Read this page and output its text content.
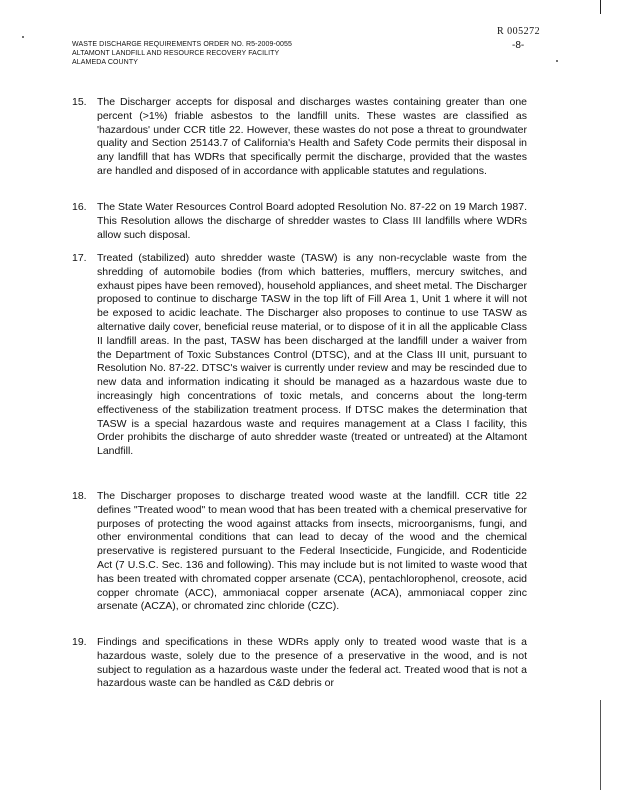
R 005272
-8-
WASTE DISCHARGE REQUIREMENTS ORDER NO. R5-2009-0055
ALTAMONT LANDFILL AND RESOURCE RECOVERY FACILITY
ALAMEDA COUNTY
15. The Discharger accepts for disposal and discharges wastes containing greater than one percent (>1%) friable asbestos to the landfill units. These wastes are classified as 'hazardous' under CCR title 22. However, these wastes do not pose a threat to groundwater quality and Section 25143.7 of California's Health and Safety Code permits their disposal in any landfill that has WDRs that specifically permit the discharge, provided that the wastes are handled and disposed of in accordance with applicable statutes and regulations.

16. The State Water Resources Control Board adopted Resolution No. 87-22 on 19 March 1987. This Resolution allows the discharge of shredder wastes to Class III landfills where WDRs allow such disposal.

17. Treated (stabilized) auto shredder waste (TASW) is any non-recyclable waste from the shredding of automobile bodies (from which batteries, mufflers, mercury switches, and exhaust pipes have been removed), household appliances, and sheet metal. The Discharger proposed to continue to discharge TASW in the top lift of Fill Area 1, Unit 1 where it will not be exposed to acidic leachate. The Discharger also proposes to continue to use TASW as alternative daily cover, beneficial reuse material, or to dispose of it in all the applicable Class II landfill areas. In the past, TASW has been discharged at the landfill under a waiver from the Department of Toxic Substances Control (DTSC), and at the Class III unit, pursuant to Resolution No. 87-22. DTSC's waiver is currently under review and may be rescinded due to new data and information indicating it should be managed as a hazardous waste due to increasingly high concentrations of toxic metals, and concerns about the long-term effectiveness of the stabilization treatment process. If DTSC makes the determination that TASW is a special hazardous waste and requires management at a Class I facility, this Order prohibits the discharge of auto shredder waste (treated or untreated) at the Altamont Landfill.

18. The Discharger proposes to discharge treated wood waste at the landfill. CCR title 22 defines "Treated wood" to mean wood that has been treated with a chemical preservative for purposes of protecting the wood against attacks from insects, microorganisms, fungi, and other environmental conditions that can lead to decay of the wood and the chemical preservative is registered pursuant to the Federal Insecticide, Fungicide, and Rodenticide Act (7 U.S.C. Sec. 136 and following). This may include but is not limited to waste wood that has been treated with chromated copper arsenate (CCA), pentachlorophenol, creosote, acid copper chromate (ACC), ammoniacal copper arsenate (ACA), ammoniacal copper zinc arsenate (ACZA), or chromated zinc chloride (CZC).

19. Findings and specifications in these WDRs apply only to treated wood waste that is a hazardous waste, solely due to the presence of a preservative in the wood, and is not subject to regulation as a hazardous waste under the federal act. Treated wood that is not a hazardous waste can be handled as C&D debris or
